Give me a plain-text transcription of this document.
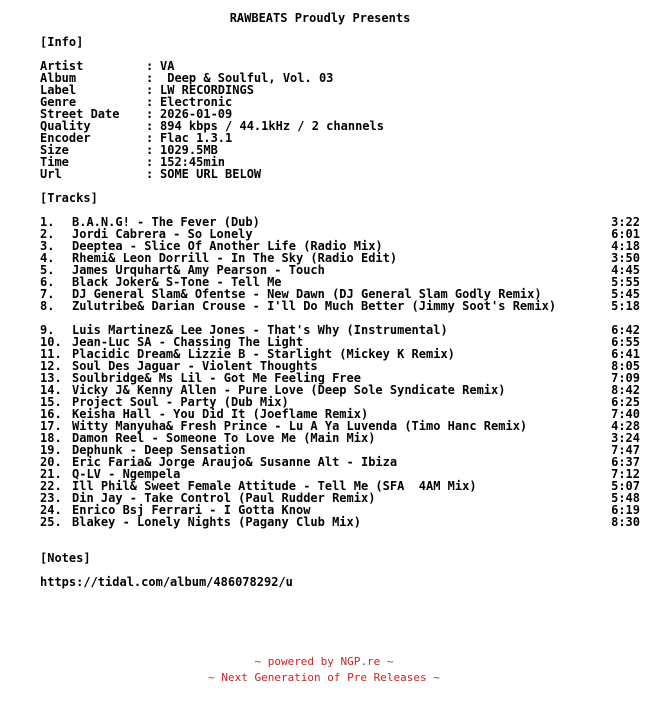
RAWBEATS Proudly Presents
[Info]
Artist	: VA
Album	: Deep & Soulful, Vol. 03
Label	: LW RECORDINGS
Genre	: Electronic
Street Date	: 2026-01-09
Quality	: 894 kbps / 44.1kHz / 2 channels
Encoder	: Flac 1.3.1
Size	: 1029.5MB
Time	: 152:45min
Url	: SOME URL BELOW
[Tracks]
1.	B.A.N.G! - The Fever (Dub)	3:22
2.	Jordi Cabrera - So Lonely	6:01
3.	Deeptea - Slice Of Another Life (Radio Mix)	4:18
4.	Rhemi& Leon Dorrill - In The Sky (Radio Edit)	3:50
5.	James Urquhart& Amy Pearson - Touch	4:45
6.	Black Joker& S-Tone - Tell Me	5:55
7.	DJ General Slam& Ofentse - New Dawn (DJ General Slam Godly Remix)	5:45
8.	Zulutribe& Darian Crouse - I'll Do Much Better (Jimmy Soot's Remix)	5:18
9.	Luis Martinez& Lee Jones - That's Why (Instrumental)	6:42
10. Jean-Luc SA - Chassing The Light	6:55
11. Placidic Dream& Lizzie B - Starlight (Mickey K Remix)	6:41
12. Soul Des Jaguar - Violent Thoughts	8:05
13. Soulbridge& Ms Lil - Got Me Feeling Free	7:09
14. Vicky J& Kenny Allen - Pure Love (Deep Sole Syndicate Remix)	8:42
15. Project Soul - Party (Dub Mix)	6:25
16. Keisha Hall - You Did It (Joeflame Remix)	7:40
17. Witty Manyuha& Fresh Prince - Lu A Ya Luvenda (Timo Hanc Remix)	4:28
18. Damon Reel - Someone To Love Me (Main Mix)	3:24
19. Dephunk - Deep Sensation	7:47
20. Eric Faria& Jorge Araujo& Susanne Alt - Ibiza	6:37
21. Q-LV - Ngempela	7:12
22. Ill Phil& Sweet Female Attitude - Tell Me (SFA  4AM Mix)	5:07
23. Din Jay - Take Control (Paul Rudder Remix)	5:48
24. Enrico Bsj Ferrari - I Gotta Know	6:19
25. Blakey - Lonely Nights (Pagany Club Mix)	8:30
[Notes]
https://tidal.com/album/486078292/u
~ powered by NGP.re ~
~ Next Generation of Pre Releases ~
